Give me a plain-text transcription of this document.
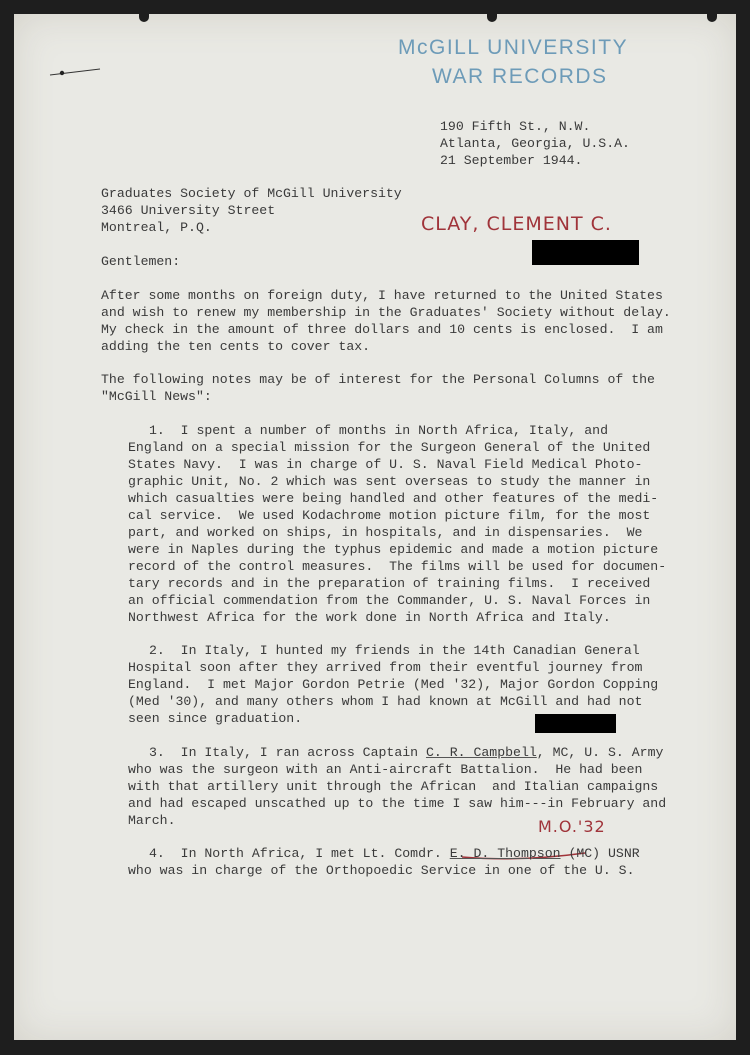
McGILL UNIVERSITY
WAR RECORDS
190 Fifth St., N.W.
Atlanta, Georgia, U.S.A.
21 September 1944.
Graduates Society of McGill University
3466 University Street
Montreal, P.Q.
Gentlemen:
After some months on foreign duty, I have returned to the United States
and wish to renew my membership in the Graduates' Society without delay.
My check in the amount of three dollars and 10 cents is enclosed.  I am
adding the ten cents to cover tax.
The following notes may be of interest for the Personal Columns of the
"McGill News":
1.  I spent a number of months in North Africa, Italy, and
England on a special mission for the Surgeon General of the United
States Navy.  I was in charge of U. S. Naval Field Medical Photo-
graphic Unit, No. 2 which was sent overseas to study the manner in
which casualties were being handled and other features of the medi-
cal service.  We used Kodachrome motion picture film, for the most
part, and worked on ships, in hospitals, and in dispensaries.  We
were in Naples during the typhus epidemic and made a motion picture
record of the control measures.  The films will be used for documen-
tary records and in the preparation of training films.  I received
an official commendation from the Commander, U. S. Naval Forces in
Northwest Africa for the work done in North Africa and Italy.
2.  In Italy, I hunted my friends in the 14th Canadian General
Hospital soon after they arrived from their eventful journey from
England.  I met Major Gordon Petrie (Med '32), Major Gordon Copping
(Med '30), and many others whom I had known at McGill and had not
seen since graduation.
3.  In Italy, I ran across Captain C. R. Campbell, MC, U. S. Army
who was the surgeon with an Anti-aircraft Battalion.  He had been
with that artillery unit through the African  and Italian campaigns
and had escaped unscathed up to the time I saw him---in February and
March.
4.  In North Africa, I met Lt. Comdr. E. D. Thompson (MC) USNR
who was in charge of the Orthopoedic Service in one of the U. S.
CLAY, CLEMENT C.
M.O.'32
